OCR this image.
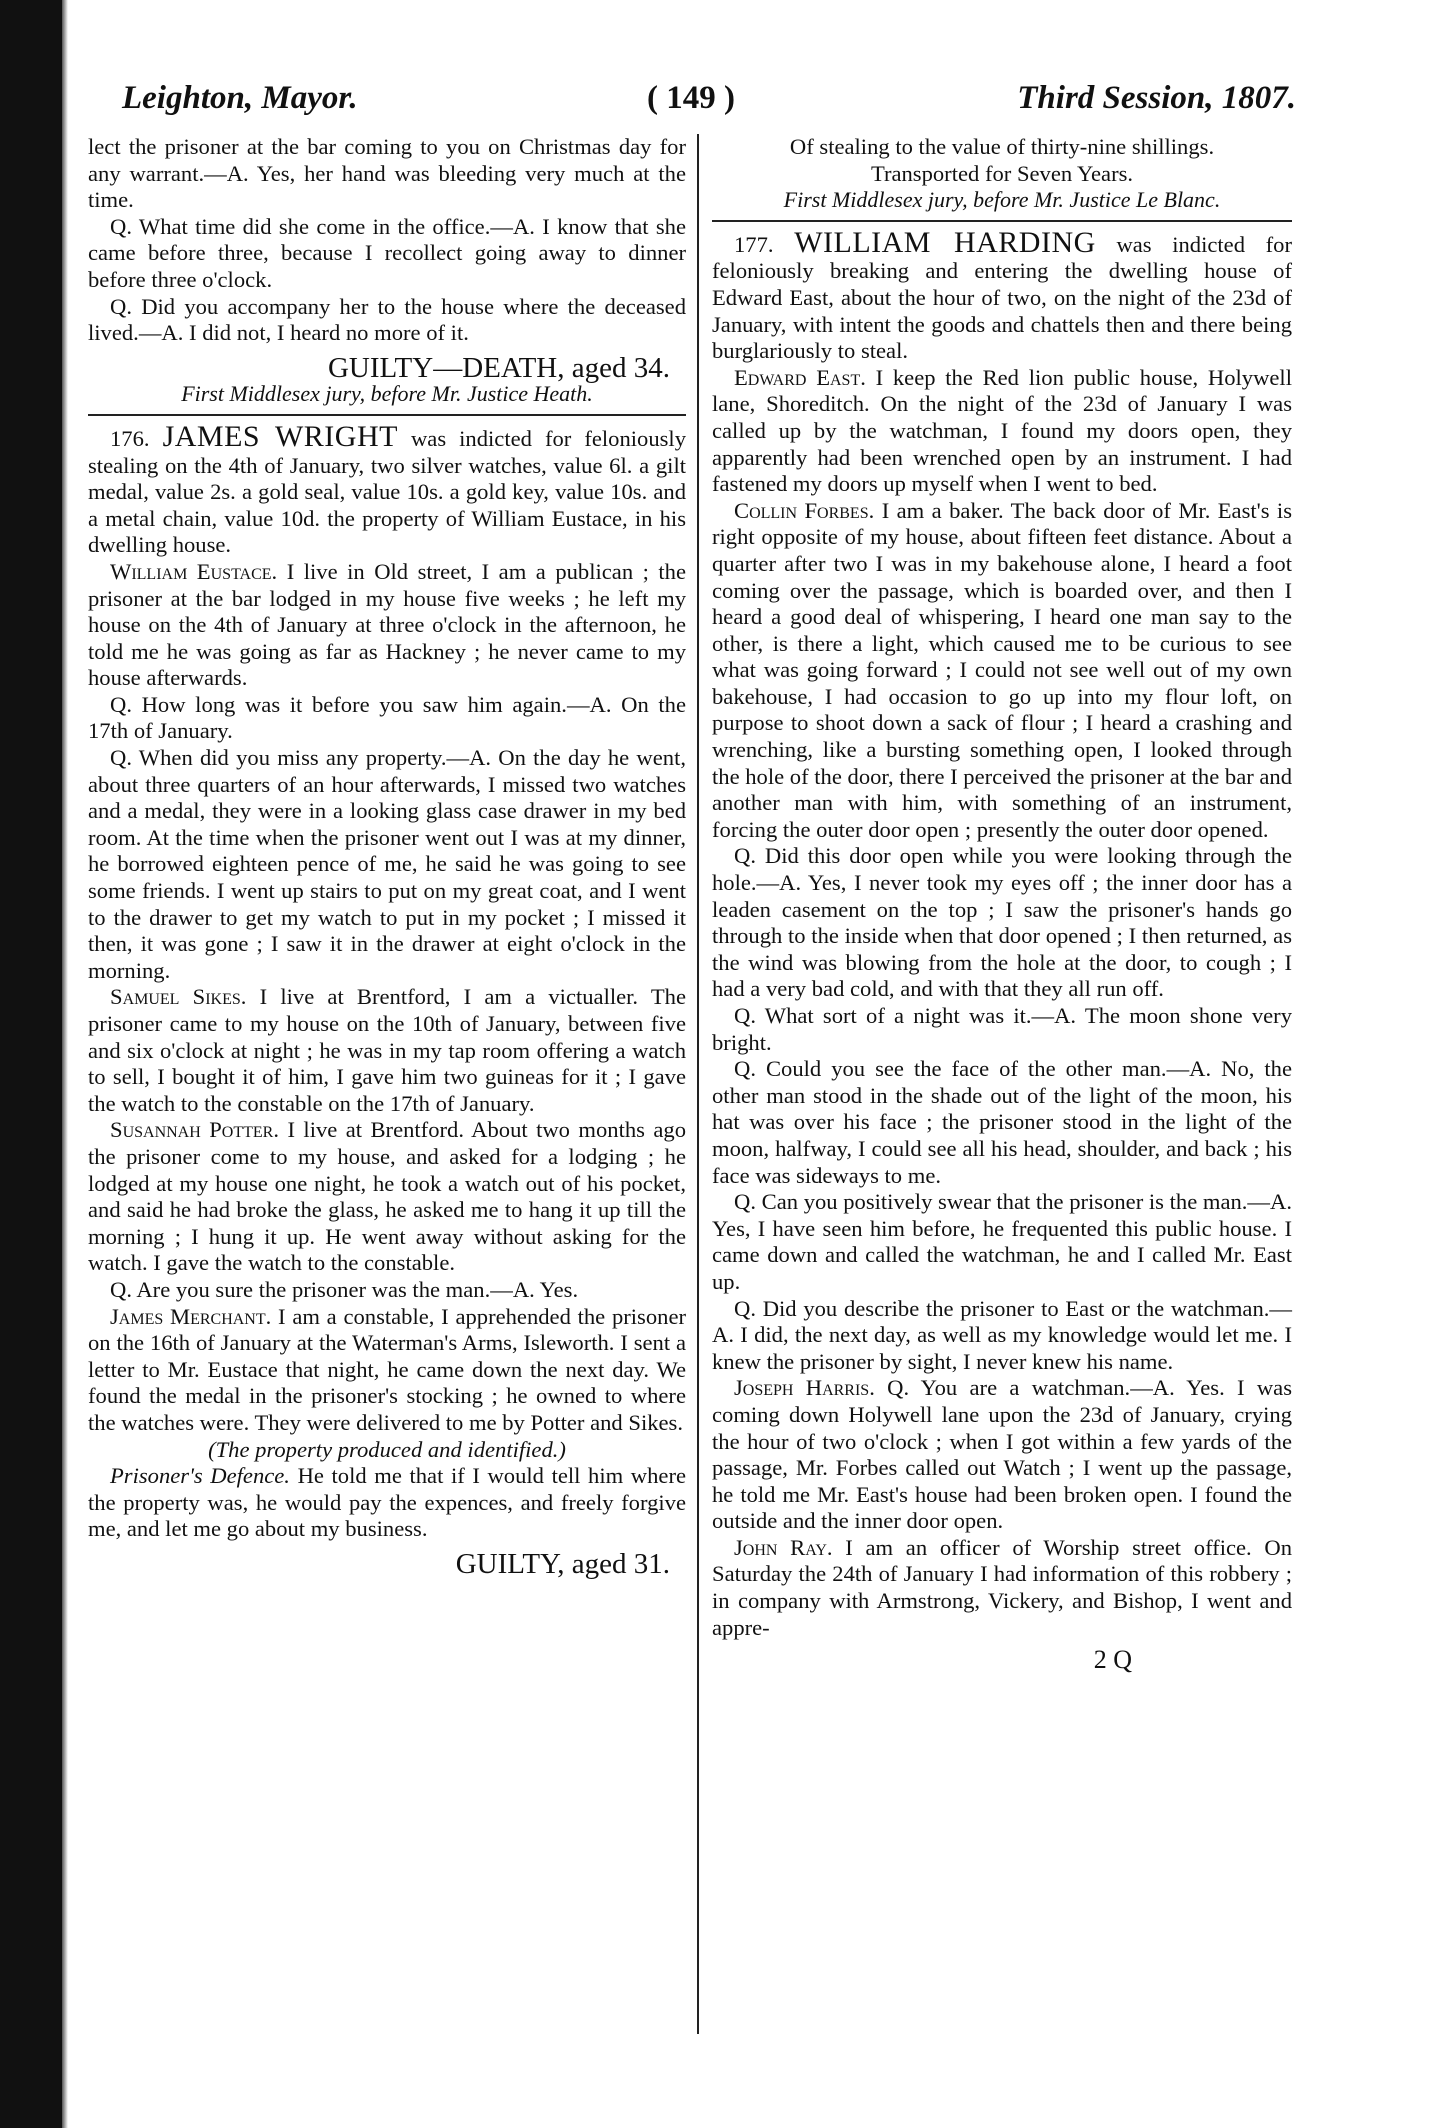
Leighton, Mayor.	( 149 )	Third Session, 1807.

lect the prisoner at the bar coming to you on Christmas day for any warrant.—A. Yes, her hand was bleeding very much at the time.

Q. What time did she come in the office.—A. I know that she came before three, because I recollect going away to dinner before three o'clock.

Q. Did you accompany her to the house where the deceased lived.—A. I did not, I heard no more of it.

GUILTY—DEATH, aged 34.
First Middlesex jury, before Mr. Justice Heath.

176. JAMES WRIGHT was indicted for feloniously stealing on the 4th of January, two silver watches, value 6l. a gilt medal, value 2s. a gold seal, value 10s. a gold key, value 10s. and a metal chain, value 10d. the property of William Eustace, in his dwelling house.

William Eustace. I live in Old street, I am a publican ; the prisoner at the bar lodged in my house five weeks ; he left my house on the 4th of January at three o'clock in the afternoon, he told me he was going as far as Hackney ; he never came to my house afterwards.

Q. How long was it before you saw him again.—A. On the 17th of January.

Q. When did you miss any property.—A. On the day he went, about three quarters of an hour afterwards, I missed two watches and a medal, they were in a looking glass case drawer in my bed room. At the time when the prisoner went out I was at my dinner, he borrowed eighteen pence of me, he said he was going to see some friends. I went up stairs to put on my great coat, and I went to the drawer to get my watch to put in my pocket ; I missed it then, it was gone ; I saw it in the drawer at eight o'clock in the morning.

Samuel Sikes. I live at Brentford, I am a victualler. The prisoner came to my house on the 10th of January, between five and six o'clock at night ; he was in my tap room offering a watch to sell, I bought it of him, I gave him two guineas for it ; I gave the watch to the constable on the 17th of January.

Susannah Potter. I live at Brentford. About two months ago the prisoner come to my house, and asked for a lodging ; he lodged at my house one night, he took a watch out of his pocket, and said he had broke the glass, he asked me to hang it up till the morning ; I hung it up. He went away without asking for the watch. I gave the watch to the constable.

Q. Are you sure the prisoner was the man.—A. Yes.

James Merchant. I am a constable, I apprehended the prisoner on the 16th of January at the Waterman's Arms, Isleworth. I sent a letter to Mr. Eustace that night, he came down the next day. We found the medal in the prisoner's stocking ; he owned to where the watches were. They were delivered to me by Potter and Sikes.

(The property produced and identified.)

Prisoner's Defence. He told me that if I would tell him where the property was, he would pay the expences, and freely forgive me, and let me go about my business.

GUILTY, aged 31.

Of stealing to the value of thirty-nine shillings.

Transported for Seven Years.

First Middlesex jury, before Mr. Justice Le Blanc.

177. WILLIAM HARDING was indicted for feloniously breaking and entering the dwelling house of Edward East, about the hour of two, on the night of the 23d of January, with intent the goods and chattels then and there being burglariously to steal.

Edward East. I keep the Red lion public house, Holywell lane, Shoreditch. On the night of the 23d of January I was called up by the watchman, I found my doors open, they apparently had been wrenched open by an instrument. I had fastened my doors up myself when I went to bed.

Collin Forbes. I am a baker. The back door of Mr. East's is right opposite of my house, about fifteen feet distance. About a quarter after two I was in my bakehouse alone, I heard a foot coming over the passage, which is boarded over, and then I heard a good deal of whispering, I heard one man say to the other, is there a light, which caused me to be curious to see what was going forward ; I could not see well out of my own bakehouse, I had occasion to go up into my flour loft, on purpose to shoot down a sack of flour ; I heard a crashing and wrenching, like a bursting something open, I looked through the hole of the door, there I perceived the prisoner at the bar and another man with him, with something of an instrument, forcing the outer door open ; presently the outer door opened.

Q. Did this door open while you were looking through the hole.—A. Yes, I never took my eyes off ; the inner door has a leaden casement on the top ; I saw the prisoner's hands go through to the inside when that door opened ; I then returned, as the wind was blowing from the hole at the door, to cough ; I had a very bad cold, and with that they all run off.

Q. What sort of a night was it.—A. The moon shone very bright.

Q. Could you see the face of the other man.—A. No, the other man stood in the shade out of the light of the moon, his hat was over his face ; the prisoner stood in the light of the moon, halfway, I could see all his head, shoulder, and back ; his face was sideways to me.

Q. Can you positively swear that the prisoner is the man.—A. Yes, I have seen him before, he frequented this public house. I came down and called the watchman, he and I called Mr. East up.

Q. Did you describe the prisoner to East or the watchman.—A. I did, the next day, as well as my knowledge would let me. I knew the prisoner by sight, I never knew his name.

Joseph Harris. Q. You are a watchman.—A. Yes. I was coming down Holywell lane upon the 23d of January, crying the hour of two o'clock ; when I got within a few yards of the passage, Mr. Forbes called out Watch ; I went up the passage, he told me Mr. East's house had been broken open. I found the outside and the inner door open.

John Ray. I am an officer of Worship street office. On Saturday the 24th of January I had information of this robbery ; in company with Armstrong, Vickery, and Bishop, I went and appre-

2 Q
